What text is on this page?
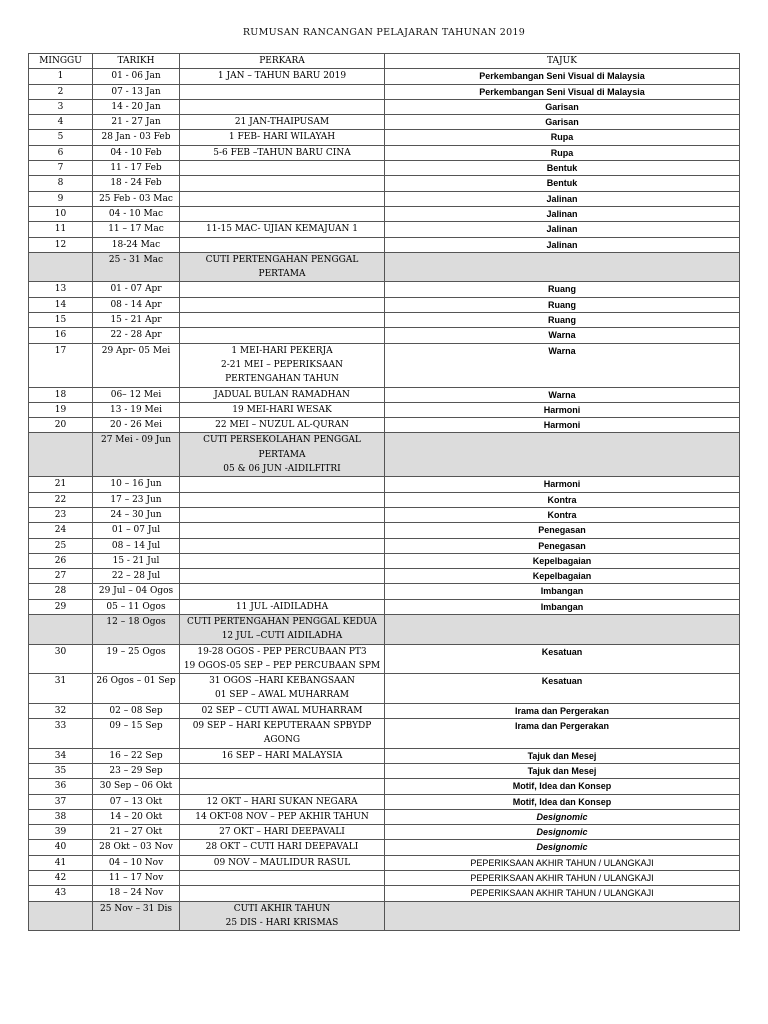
RUMUSAN RANCANGAN PELAJARAN TAHUNAN 2019
MINGGU	TARIKH	PERKARA	TAJUK
1	01 - 06 Jan	1 JAN – TAHUN BARU 2019	Perkembangan Seni Visual di Malaysia
2	07 - 13 Jan		Perkembangan Seni Visual di Malaysia
3	14 - 20 Jan		Garisan
4	21 - 27 Jan	21 JAN-THAIPUSAM	Garisan
5	28 Jan - 03 Feb	1 FEB- HARI WILAYAH	Rupa
6	04 - 10 Feb	5-6 FEB –TAHUN BARU CINA	Rupa
7	11 - 17 Feb		Bentuk
8	18 - 24 Feb		Bentuk
9	25 Feb - 03 Mac		Jalinan
10	04 - 10 Mac		Jalinan
11	11 – 17 Mac	11-15 MAC- UJIAN KEMAJUAN 1	Jalinan
12	18-24 Mac		Jalinan
	25 - 31 Mac	CUTI PERTENGAHAN PENGGAL PERTAMA	
13	01 - 07 Apr		Ruang
14	08 - 14 Apr		Ruang
15	15 - 21 Apr		Ruang
16	22 - 28 Apr		Warna
17	29 Apr- 05 Mei	1 MEI-HARI PEKERJA
2-21 MEI – PEPERIKSAAN PERTENGAHAN TAHUN	Warna
18	06– 12 Mei	JADUAL BULAN RAMADHAN	Warna
19	13 - 19 Mei	19 MEI-HARI WESAK	Harmoni
20	20 - 26 Mei	22 MEI – NUZUL AL-QURAN	Harmoni
	27 Mei - 09 Jun	CUTI PERSEKOLAHAN PENGGAL PERTAMA
05 & 06 JUN -AIDILFITRI	
21	10 – 16 Jun		Harmoni
22	17 – 23 Jun		Kontra
23	24 – 30 Jun		Kontra
24	01 – 07 Jul		Penegasan
25	08 – 14 Jul		Penegasan
26	15 - 21 Jul		Kepelbagaian
27	22 – 28 Jul		Kepelbagaian
28	29 Jul – 04 Ogos		Imbangan
29	05 – 11 Ogos	11 JUL -AIDILADHA	Imbangan
	12 – 18 Ogos	CUTI PERTENGAHAN PENGGAL KEDUA
12 JUL –CUTI AIDILADHA	
30	19 – 25 Ogos	19-28 OGOS - PEP PERCUBAAN PT3
19 OGOS-05 SEP – PEP PERCUBAAN SPM	Kesatuan
31	26 Ogos – 01 Sep	31 OGOS –HARI KEBANGSAAN
01 SEP – AWAL MUHARRAM	Kesatuan
32	02 – 08 Sep	02 SEP – CUTI AWAL MUHARRAM	Irama dan Pergerakan
33	09 – 15 Sep	09 SEP – HARI KEPUTERAAN SPBYDP AGONG	Irama dan Pergerakan
34	16 – 22 Sep	16 SEP – HARI MALAYSIA	Tajuk dan Mesej
35	23 – 29 Sep		Tajuk dan Mesej
36	30 Sep – 06 Okt		Motif, Idea dan Konsep
37	07 – 13 Okt	12 OKT – HARI SUKAN NEGARA	Motif, Idea dan Konsep
38	14 – 20 Okt	14 OKT-08 NOV – PEP AKHIR TAHUN	Designomic
39	21 – 27 Okt	27 OKT – HARI DEEPAVALI	Designomic
40	28 Okt – 03 Nov	28 OKT – CUTI HARI DEEPAVALI	Designomic
41	04 – 10 Nov	09 NOV – MAULIDUR RASUL	PEPERIKSAAN AKHIR TAHUN / ULANGKAJI
42	11 – 17 Nov		PEPERIKSAAN AKHIR TAHUN / ULANGKAJI
43	18 – 24 Nov		PEPERIKSAAN AKHIR TAHUN / ULANGKAJI
	25 Nov – 31 Dis	CUTI AKHIR TAHUN
25 DIS - HARI KRISMAS	
